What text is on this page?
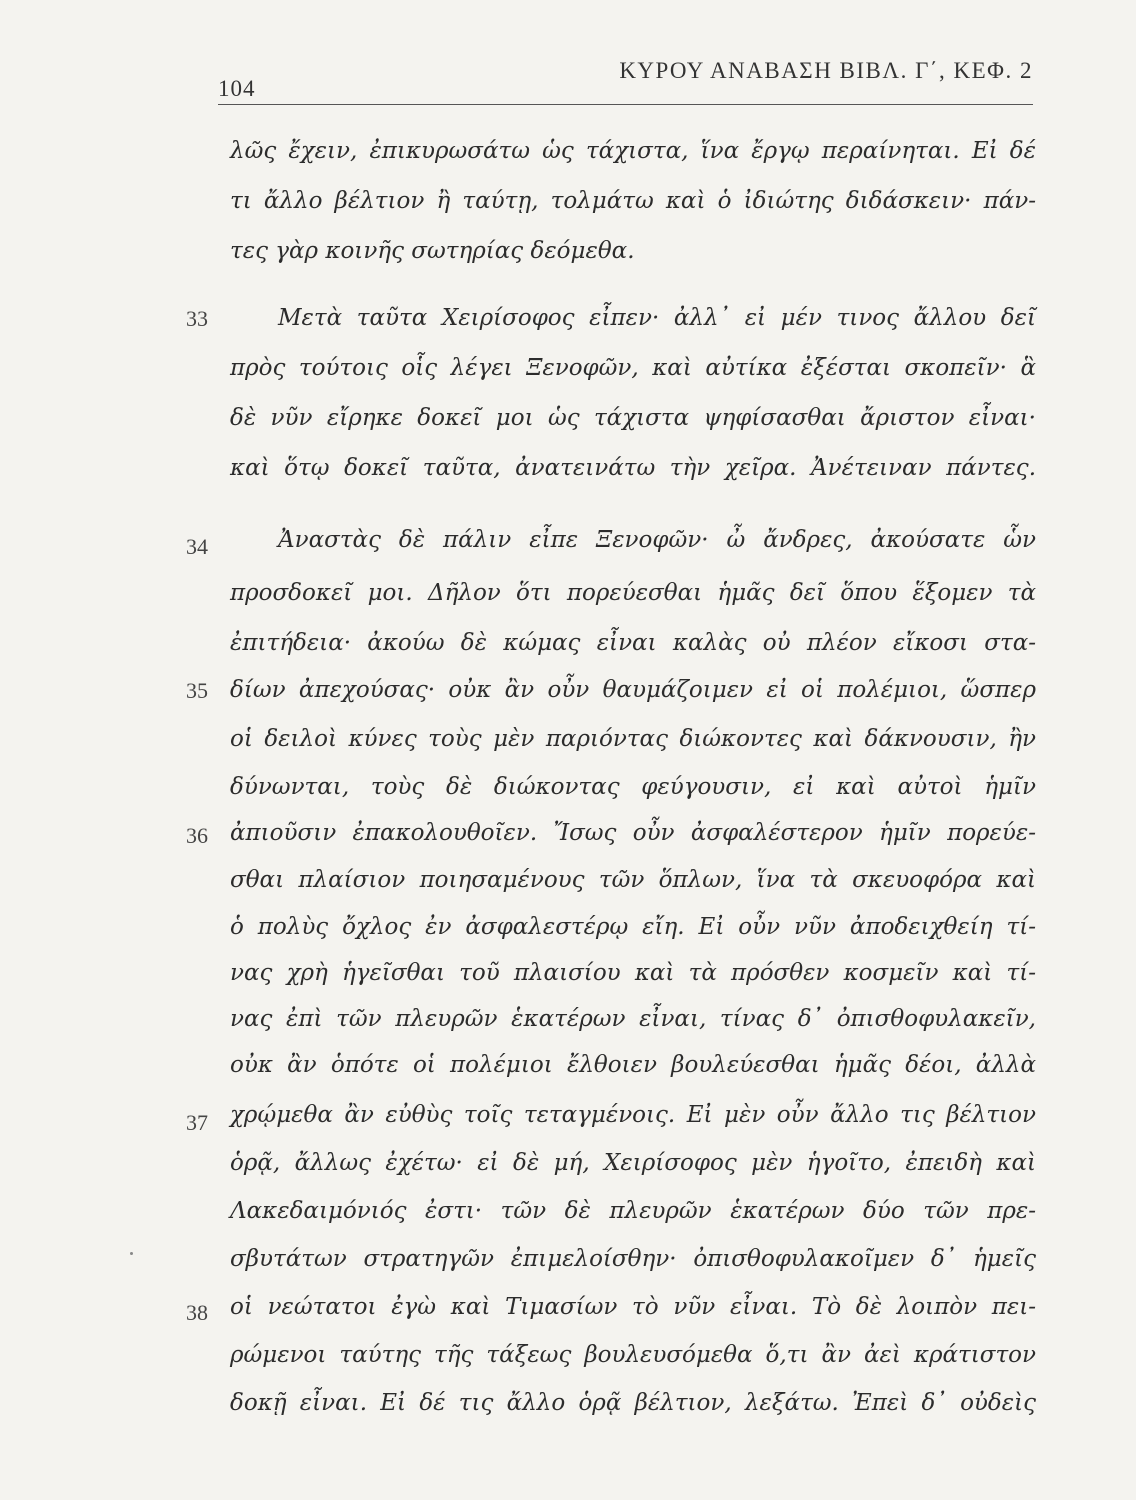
104
ΚΥΡΟΥ ΑΝΑΒΑΣΗ ΒΙΒΛ. Γ΄, ΚΕΦ. 2
λῶς ἔχειν, ἐπικυρωσάτω ὡς τάχιστα, ἵνα ἔργῳ περαίνηται. Εἰ δέ
τι ἄλλο βέλτιον ἢ ταύτῃ, τολμάτω καὶ ὁ ἰδιώτης διδάσκειν· πάν-
τες γὰρ κοινῆς σωτηρίας δεόμεθα.
33	Μετὰ ταῦτα Χειρίσοφος εἶπεν· ἀλλ᾽ εἰ μέν τινος ἄλλου δεῖ
πρὸς τούτοις οἷς λέγει Ξενοφῶν, καὶ αὐτίκα ἐξέσται σκοπεῖν· ἃ
δὲ νῦν εἴρηκε δοκεῖ μοι ὡς τάχιστα ψηφίσασθαι ἄριστον εἶναι·
καὶ ὅτῳ δοκεῖ ταῦτα, ἀνατεινάτω τὴν χεῖρα. Ἀνέτειναν πάντες.
34	Ἀναστὰς δὲ πάλιν εἶπε Ξενοφῶν· ὦ ἄνδρες, ἀκούσατε ὧν
προσδοκεῖ μοι. Δῆλον ὅτι πορεύεσθαι ἡμᾶς δεῖ ὅπου ἕξομεν τὰ
ἐπιτήδεια· ἀκούω δὲ κώμας εἶναι καλὰς οὐ πλέον εἴκοσι στα-
35 δίων ἀπεχούσας· οὐκ ἂν οὖν θαυμάζοιμεν εἰ οἱ πολέμιοι, ὥσπερ
οἱ δειλοὶ κύνες τοὺς μὲν παριόντας διώκοντες καὶ δάκνουσιν, ἢν
δύνωνται, τοὺς δὲ διώκοντας φεύγουσιν, εἰ καὶ αὐτοὶ ἡμῖν
36 ἀπιοῦσιν ἐπακολουθοῖεν. Ἴσως οὖν ἀσφαλέστερον ἡμῖν πορεύε-
σθαι πλαίσιον ποιησαμένους τῶν ὅπλων, ἵνα τὰ σκευοφόρα καὶ
ὁ πολὺς ὄχλος ἐν ἀσφαλεστέρῳ εἴη. Εἰ οὖν νῦν ἀποδειχθείη τί-
νας χρὴ ἡγεῖσθαι τοῦ πλαισίου καὶ τὰ πρόσθεν κοσμεῖν καὶ τί-
νας ἐπὶ τῶν πλευρῶν ἑκατέρων εἶναι, τίνας δ᾽ ὀπισθοφυλακεῖν,
οὐκ ἂν ὁπότε οἱ πολέμιοι ἔλθοιεν βουλεύεσθαι ἡμᾶς δέοι, ἀλλὰ
37 χρῴμεθα ἂν εὐθὺς τοῖς τεταγμένοις. Εἰ μὲν οὖν ἄλλο τις βέλτιον
ὁρᾷ, ἄλλως ἐχέτω· εἰ δὲ μή, Χειρίσοφος μὲν ἡγοῖτο, ἐπειδὴ καὶ
Λακεδαιμόνιός ἐστι· τῶν δὲ πλευρῶν ἑκατέρων δύο τῶν πρε-
σβυτάτων στρατηγῶν ἐπιμελοίσθην· ὀπισθοφυλακοῖμεν δ᾽ ἡμεῖς
38 οἱ νεώτατοι ἐγὼ καὶ Τιμασίων τὸ νῦν εἶναι. Τὸ δὲ λοιπὸν πει-
ρώμενοι ταύτης τῆς τάξεως βουλευσόμεθα ὅ,τι ἂν ἀεὶ κράτιστον
δοκῇ εἶναι. Εἰ δέ τις ἄλλο ὁρᾷ βέλτιον, λεξάτω. Ἐπεὶ δ᾽ οὐδεὶς
